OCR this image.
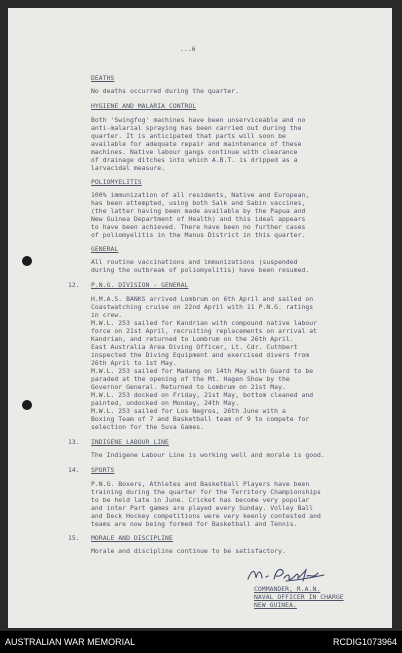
...6
DEATHS
No deaths occurred during the quarter.
HYGIENE AND MALARIA CONTROL
Both 'Swingfog' machines have been unserviceable and no
anti-malarial spraying has been carried out during the
quarter. It is anticipated that parts will soon be
available for adequate repair and maintenance of these
machines. Native labour gangs continue with clearance
of drainage ditches into which A.B.T. is dripped as a
larvacidal measure.
POLIOMYELITIS
100% immunization of all residents, Native and European,
has been attempted, using both Salk and Sabin vaccines,
(the latter having been made available by the Papua and
New Guinea Department of Health) and this ideal appears
to have been achieved. There have been no further cases
of poliomyelitis in the Manus District in this quarter.
GENERAL
All routine vaccinations and immunizations (suspended
during the outbreak of poliomyelitis) have been resumed.
12. P.N.G. DIVISION - GENERAL
H.M.A.S. BANKS arrived Lombrum on 6th April and sailed on
Coastwatching cruise on 22nd April with 11 P.N.G. ratings
in crew.
M.W.L. 253 sailed for Kandrian with compound native labour
force on 21st April, recruiting replacements on arrival at
Kandrian, and returned to Lombrum on the 26th April.
East Australia Area Diving Officer, Lt. Cdr. Cuthbert
inspected the Diving Equipment and exercised divers from
26th April to 1st May.
M.W.L. 253 sailed for Madang on 14th May with Guard to be
paraded at the opening of the Mt. Hagen Show by the
Governor General. Returned to Lombrum on 21st May.
M.W.L. 253 docked on Friday, 21st May, bottom cleaned and
painted, undocked on Monday, 24th May.
M.W.L. 253 sailed for Los Negros, 26th June with a
Boxing Team of 7 and Basketball team of 9 to compete for
selection for the Suva Games.
13. INDIGENE LABOUR LINE
The Indigene Labour Line is working well and morale is good.
14. SPORTS
P.N.G. Boxers, Athletes and Basketball Players have been
training during the quarter for the Territory Championships
to be held late in June. Cricket has become very popular
and inter Part games are played every Sunday. Volley Ball
and Deck Hockey competitions were very keenly contested and
teams are now being formed for Basketball and Tennis.
15. MORALE AND DISCIPLINE
Morale and discipline continue to be satisfactory.
COMMANDER, R.A.N.
NAVAL OFFICER IN CHARGE
NEW GUINEA.
AUSTRALIAN WAR MEMORIAL	RCDIG1073964
